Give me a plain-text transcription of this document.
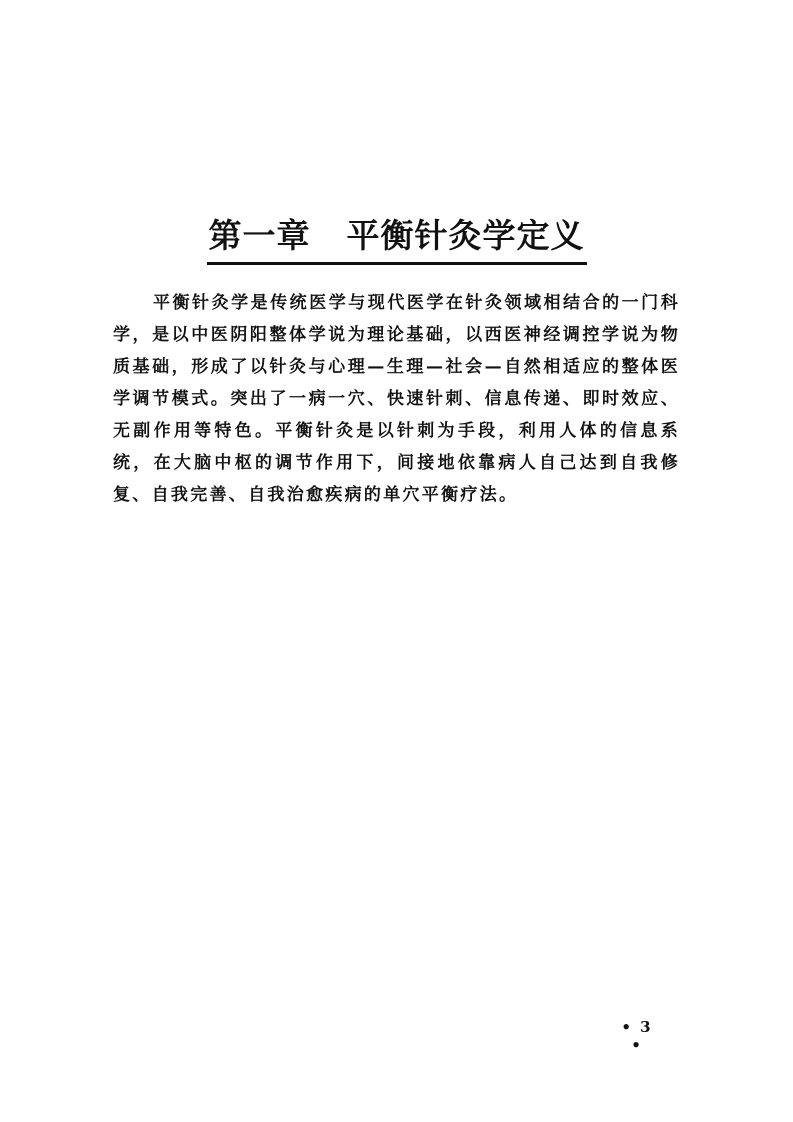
第一章 平衡针灸学定义

平衡针灸学是传统医学与现代医学在针灸领域相结合的一门科学，是以中医阴阳整体学说为理论基础，以西医神经调控学说为物质基础，形成了以针灸与心理—生理—社会—自然相适应的整体医学调节模式。突出了一病一穴、快速针刺、信息传递、即时效应、无副作用等特色。平衡针灸是以针刺为手段，利用人体的信息系统，在大脑中枢的调节作用下，间接地依靠病人自己达到自我修复、自我完善、自我治愈疾病的单穴平衡疗法。

• 3 •
